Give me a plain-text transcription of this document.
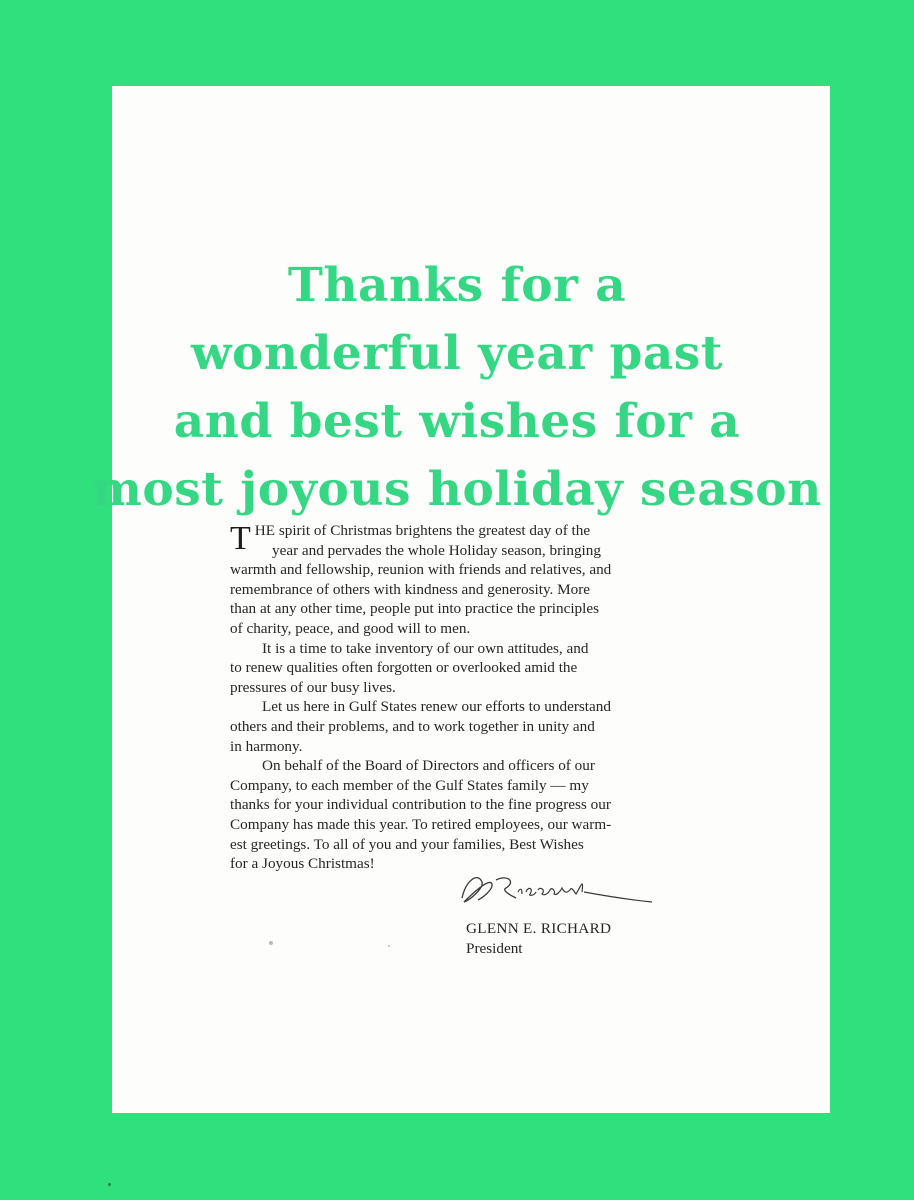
Thanks for a
wonderful year past
and best wishes for a
most joyous holiday season

T HE spirit of Christmas brightens the greatest day of the
year and pervades the whole Holiday season, bringing
warmth and fellowship, reunion with friends and relatives, and
remembrance of others with kindness and generosity. More
than at any other time, people put into practice the principles
of charity, peace, and good will to men.

It is a time to take inventory of our own attitudes, and
to renew qualities often forgotten or overlooked amid the
pressures of our busy lives.

Let us here in Gulf States renew our efforts to understand
others and their problems, and to work together in unity and
in harmony.

On behalf of the Board of Directors and officers of our
Company, to each member of the Gulf States family — my
thanks for your individual contribution to the fine progress our
Company has made this year. To retired employees, our warm-
est greetings. To all of you and your families, Best Wishes
for a Joyous Christmas!

GLENN E. RICHARD

President
